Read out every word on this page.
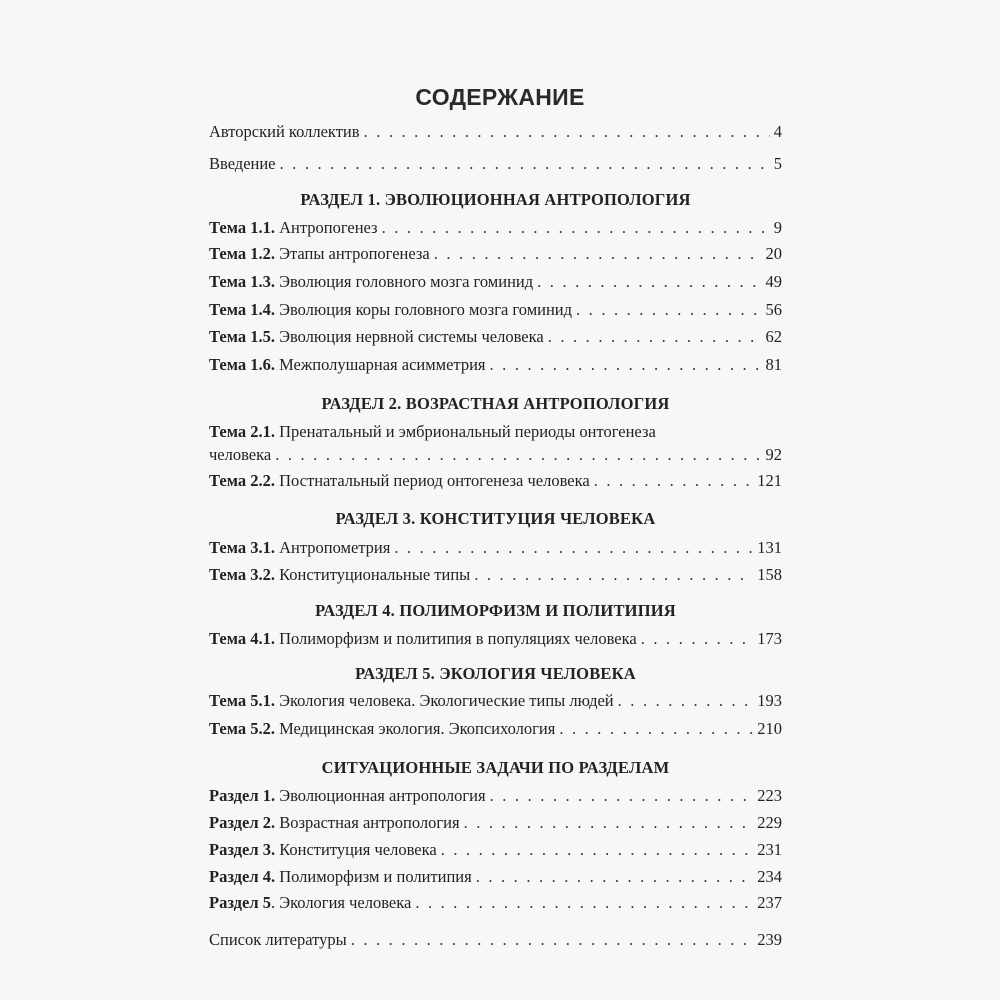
СОДЕРЖАНИЕ
Авторский коллектив . . .	4
Введение . . .	5
РАЗДЕЛ 1. ЭВОЛЮЦИОННАЯ АНТРОПОЛОГИЯ
Тема 1.1. Антропогенез . . .	9
Тема 1.2. Этапы антропогенеза . . .	20
Тема 1.3. Эволюция головного мозга гоминид . . .	49
Тема 1.4. Эволюция коры головного мозга гоминид . . .	56
Тема 1.5. Эволюция нервной системы человека . . .	62
Тема 1.6. Межполушарная асимметрия . . .	81
РАЗДЕЛ 2. ВОЗРАСТНАЯ АНТРОПОЛОГИЯ
Тема 2.1. Пренатальный и эмбриональный периоды онтогенеза
человека . . .	92
Тема 2.2. Постнатальный период онтогенеза человека . . .	121
РАЗДЕЛ 3. КОНСТИТУЦИЯ ЧЕЛОВЕКА
Тема 3.1. Антропометрия . . .	131
Тема 3.2. Конституциональные типы . . .	158
РАЗДЕЛ 4. ПОЛИМОРФИЗМ И ПОЛИТИПИЯ
Тема 4.1. Полиморфизм и политипия в популяциях человека . . .	173
РАЗДЕЛ 5. ЭКОЛОГИЯ ЧЕЛОВЕКА
Тема 5.1. Экология человека. Экологические типы людей . . .	193
Тема 5.2. Медицинская экология. Экопсихология . . .	210
СИТУАЦИОННЫЕ ЗАДАЧИ ПО РАЗДЕЛАМ
Раздел 1. Эволюционная антропология . . .	223
Раздел 2. Возрастная антропология . . .	229
Раздел 3. Конституция человека . . .	231
Раздел 4. Полиморфизм и политипия . . .	234
Раздел 5. Экология человека . . .	237
Список литературы . . .	239
